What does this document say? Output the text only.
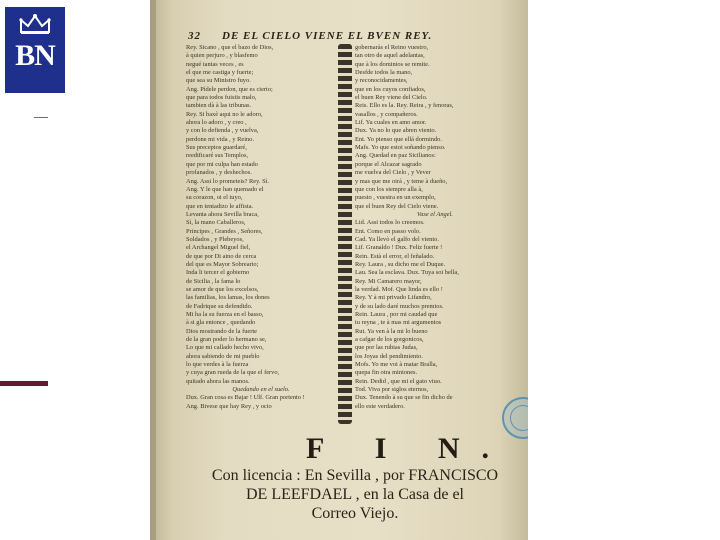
BN
32 DE EL CIELO VIENE EL BVEN REY.

Rey. Sicano , que el bazo de Dios,

à quien perjuro , y blasfemo

negué tantas veces , es

el que me castiga y fuerte;

que sea su Ministro fuyo.

Ang. Pídele perdon, que es cierto;

que para todos fuistis malo,

tambien dà à las tribunas.

Rey. Si baxè aqui no le adoro,

ahora lo adoro , y creo ,

y con lo defienda , y vuelva,

perdone mi vida , y Reino.

Sus preceptos guardaré,

reedificaré sus Templos,

que por mi culpa han estado

profanados , y deshechos.

Ang. Assi lo prometeis? Rey. Sì.

Ang. Y le que han quemado el

su corazon, oi el tuyo,

que en tentadizo le affista.

Levanta ahora Sevilla braca,

Sì, la mano Caballeros,

Principes , Grandes , Señores,

Soldados , y Plebeyos,

el Archangel Miguel fiel,

de que por Di aino de cerca

del que es Mayor Sobreario;

Inda li tercer el gobierno

de Sicilia , la fama lo

se amor de que los excelsos,

las familias, los lamas, los dones

de Fadrique su defendido.

Mi ha la su fuerza en el basso,

à si gla entonce , quedando

Dios mostrando de la fuerte

de la gran poder lo hermano se,

Lo que mi callado hecho vivo,

ahora sabiendo de mi pueblo

lo que verdes à la fuerza

y cuya gran rueda de la que el fervo,

quitado ahora las manos.

Quedando en el suelo.

Dux. Gran cosa es Bajar ! Ulf. Gran portento !

Ang. Bivese que hay Rey , y ocio

gobernaràs el Reino vuestro,

tan otro de aquel adelantas,

que à los dominios se remite.

Desfde todos la mano,

y reconocidamentes,

que en los cuyos confiados,

el buen Rey viene del Cielo.

Reis. Ello es la. Rey. Reira , y fenoras,

vasallos , y compañeros.

Lif. Ya cuales en amo amor.

Dux. Ya no lo que abren viento.

Ent. Yo pienso que ellá dormindo.

Mafs. Yo que estoi soñando pienso.

Ang. Quedad en paz Sicilianos:

porque el Alcazar sagrado

me vuelva del Cielo , y Vever

y mas que me oirá , y teme à dueño,

que con los siempre alla à,

puesto , vuestra en un exemplo,

que el buen Rey del Cielo viene.

Vase el Angel.

Lid. Assi todos lo creemos.

Ent. Como en passo volo.

Cad. Ya llevò el galfo del viento.

Lif. Granaldo ! Dux. Feliz fuerte !

Rein. Està el error, el feñalado.

Rey. Laura , su dicho me el Duque.

Lau. Sea la esclava. Dux. Tuya soi bella,

Rey. Mi Camarero mayor,

la verdad. Mof. Que linda es ello !

Rey. Y à mi privado Lifandro,

y de su lado daré muchos premios.

Rein. Laura , por mi caudad que

tu reyna , te à mas mi argumentos

Rut. Ya ven à la mi lo bueno

a cafgar de los gorgonicos,

que por las rubias Judas,

los Joyas del pendimiento.

Mofs. Yo me voi à matar Bralla,

quepa fin otra miniones.

Rein. Dedid , que mi el gato viuo.

Tod. Viva por siglos eternos,

Dux. Tenendo à su que se fin dicho de

ello este verdadero.

F I N.

Con licencia : En Sevilla , por FRANCISCO

DE LEEFDAEL , en la Casa de el

Correo Viejo.
